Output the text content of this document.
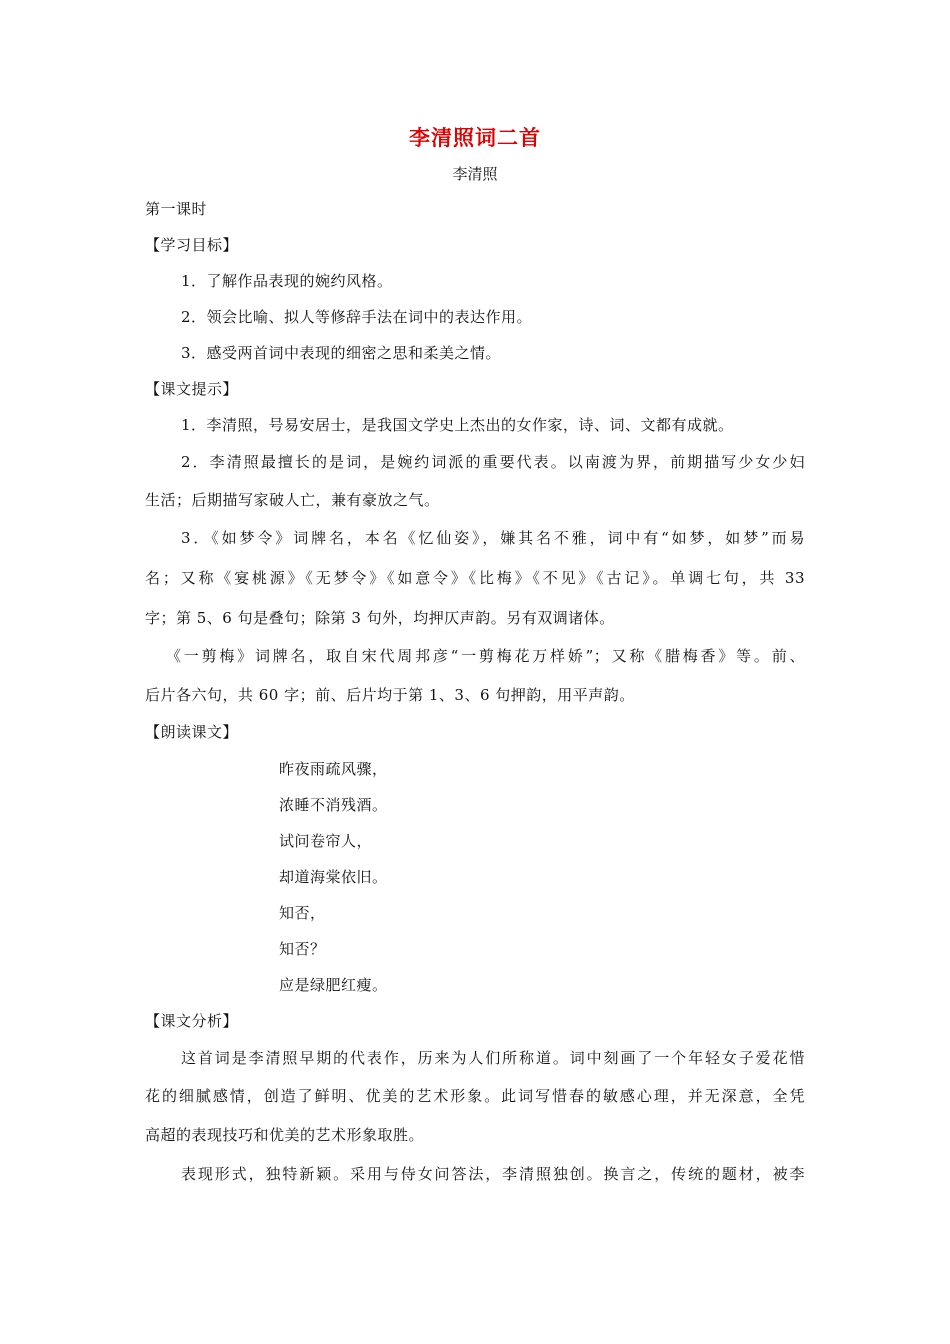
李清照词二首
李清照
第一课时
【学习目标】
1．了解作品表现的婉约风格。
2．领会比喻、拟人等修辞手法在词中的表达作用。
3．感受两首词中表现的细密之思和柔美之情。
【课文提示】
1．李清照，号易安居士，是我国文学史上杰出的女作家，诗、词、文都有成就。
2．李清照最擅长的是词，是婉约词派的重要代表。以南渡为界，前期描写少女少妇
生活；后期描写家破人亡，兼有豪放之气。
3．《如梦令》词牌名，本名《忆仙姿》，嫌其名不雅，词中有“如梦，如梦”而易
名；又称《宴桃源》《无梦令》《如意令》《比梅》《不见》《古记》。单调七句，共 33
字；第 5、6 句是叠句；除第 3 句外，均押仄声韵。另有双调诸体。
《一剪梅》词牌名，取自宋代周邦彦“一剪梅花万样娇”；又称《腊梅香》等。前、
后片各六句，共 60 字；前、后片均于第 1、3、6 句押韵，用平声韵。
【朗读课文】
昨夜雨疏风骤，
浓睡不消残酒。
试问卷帘人，
却道海棠依旧。
知否，
知否？
应是绿肥红瘦。
【课文分析】
这首词是李清照早期的代表作，历来为人们所称道。词中刻画了一个年轻女子爱花惜
花的细腻感情，创造了鲜明、优美的艺术形象。此词写惜春的敏感心理，并无深意，全凭
高超的表现技巧和优美的艺术形象取胜。
表现形式，独特新颖。采用与侍女问答法，李清照独创。换言之，传统的题材，被李
